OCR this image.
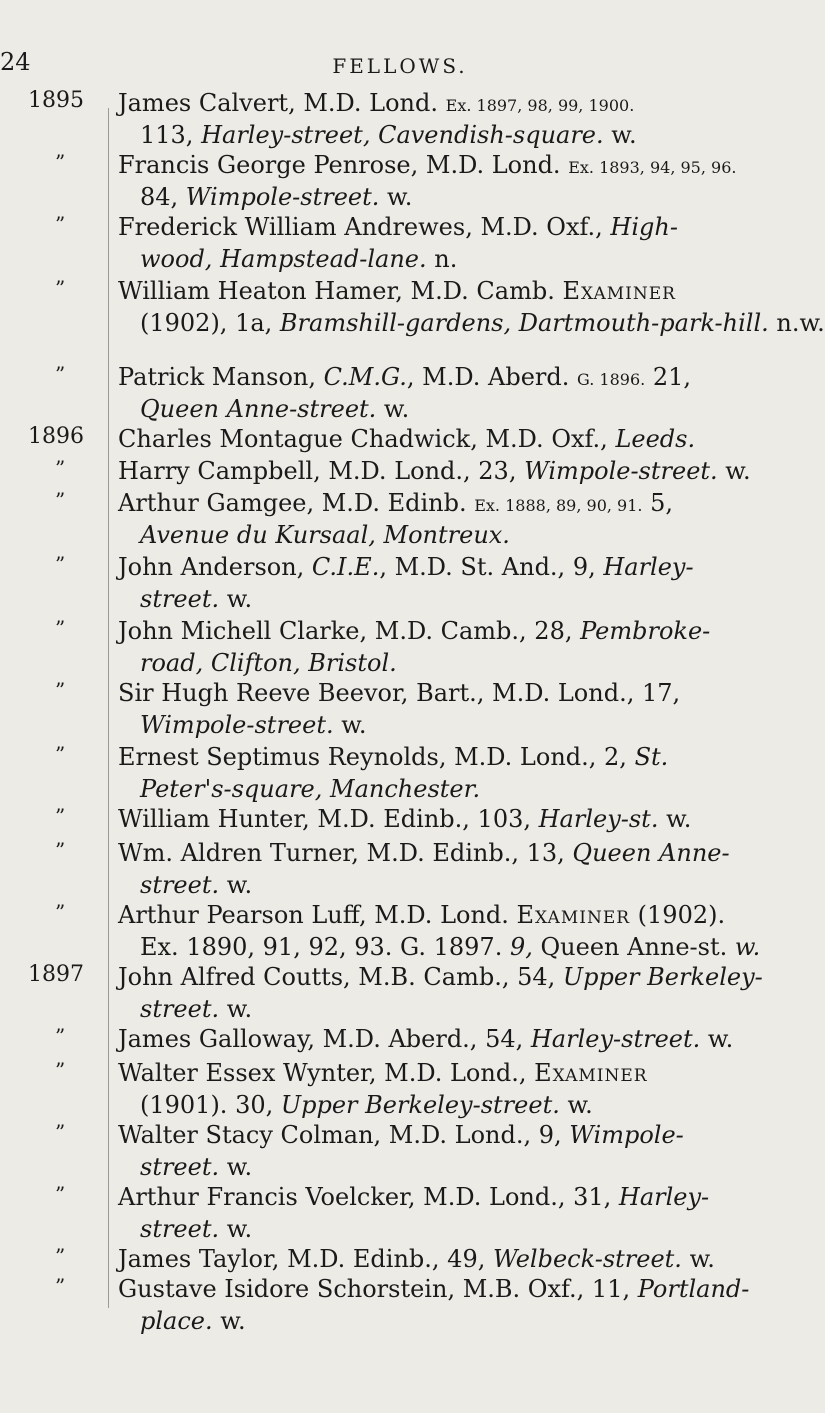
24	FELLOWS.
1895	James Calvert, M.D. Lond. Ex. 1897, 98, 99, 1900.
113, Harley-street, Cavendish-square. w.
”	Francis George Penrose, M.D. Lond. Ex. 1893, 94, 95, 96.
84, Wimpole-street. w.
”	Frederick William Andrewes, M.D. Oxf., High-
wood, Hampstead-lane. n.
”	William Heaton Hamer, M.D. Camb. Examiner
(1902), 1a, Bramshill-gardens, Dartmouth-park-hill. n.w.
”	Patrick Manson, C.M.G., M.D. Aberd. G. 1896. 21,
Queen Anne-street. w.
1896	Charles Montague Chadwick, M.D. Oxf., Leeds.
”	Harry Campbell, M.D. Lond., 23, Wimpole-street. w.
”	Arthur Gamgee, M.D. Edinb. Ex. 1888, 89, 90, 91. 5,
Avenue du Kursaal, Montreux.
”	John Anderson, C.I.E., M.D. St. And., 9, Harley-
street. w.
”	John Michell Clarke, M.D. Camb., 28, Pembroke-
road, Clifton, Bristol.
”	Sir Hugh Reeve Beevor, Bart., M.D. Lond., 17,
Wimpole-street. w.
”	Ernest Septimus Reynolds, M.D. Lond., 2, St.
Peter's-square, Manchester.
”	William Hunter, M.D. Edinb., 103, Harley-st. w.
”	Wm. Aldren Turner, M.D. Edinb., 13, Queen Anne-
street. w.
”	Arthur Pearson Luff, M.D. Lond. Examiner (1902).
Ex. 1890, 91, 92, 93. G. 1897. 9, Queen Anne-st. w.
1897	John Alfred Coutts, M.B. Camb., 54, Upper Berkeley-
street. w.
”	James Galloway, M.D. Aberd., 54, Harley-street. w.
”	Walter Essex Wynter, M.D. Lond., Examiner
(1901). 30, Upper Berkeley-street. w.
”	Walter Stacy Colman, M.D. Lond., 9, Wimpole-
street. w.
”	Arthur Francis Voelcker, M.D. Lond., 31, Harley-
street. w.
”	James Taylor, M.D. Edinb., 49, Welbeck-street. w.
”	Gustave Isidore Schorstein, M.B. Oxf., 11, Portland-
place. w.
